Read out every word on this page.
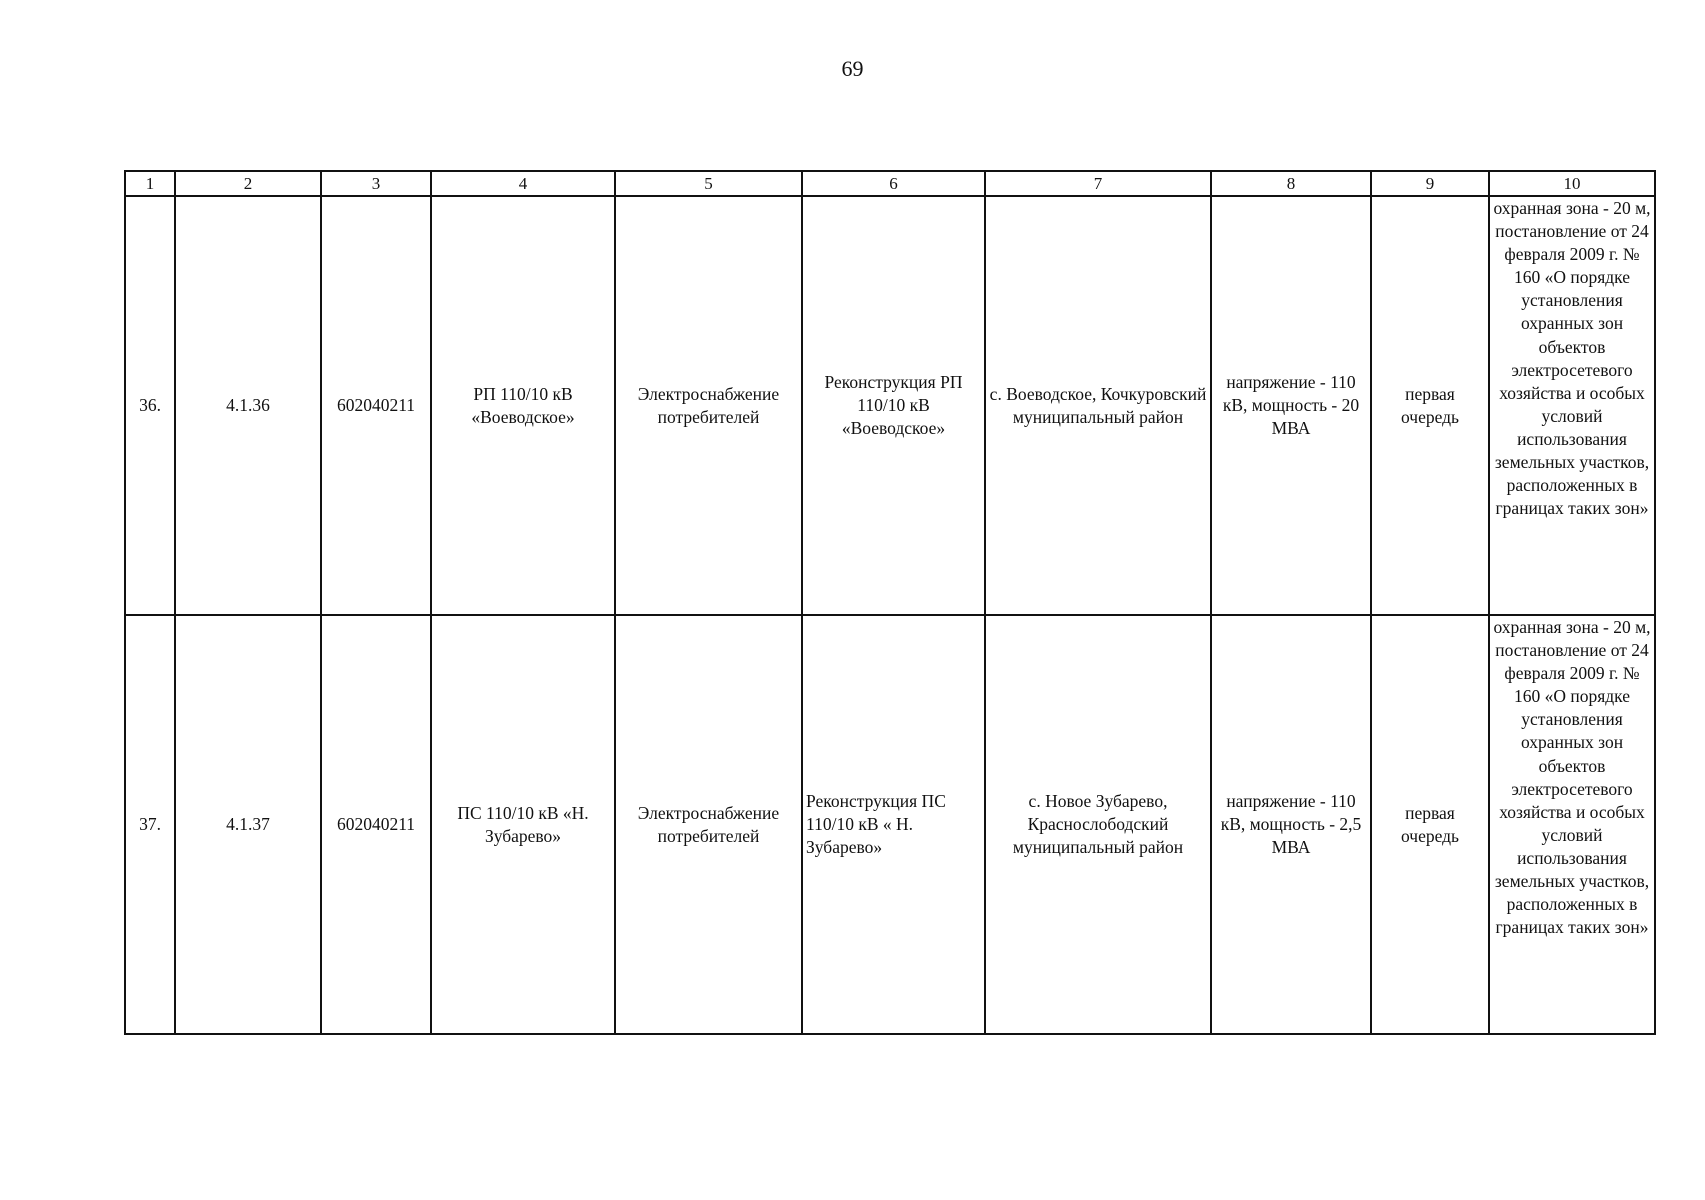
69
1	2	3	4	5	6	7	8	9	10
36.	4.1.36	602040211	РП 110/10 кВ «Воеводское»	Электроснабжение потребителей	Реконструкция РП 110/10 кВ «Воеводское»	с. Воеводское, Кочкуровский муниципальный район	напряжение - 110 кВ, мощность - 20 МВА	первая очередь	охранная зона - 20 м, постановление от 24 февраля 2009 г. № 160 «О порядке установления охранных зон объектов электросетевого хозяйства и особых условий использования земельных участков, расположенных в границах таких зон»
37.	4.1.37	602040211	ПС 110/10 кВ «Н. Зубарево»	Электроснабжение потребителей	Реконструкция ПС 110/10 кВ « Н. Зубарево»	с. Новое Зубарево, Краснослободский муниципальный район	напряжение - 110 кВ, мощность - 2,5 МВА	первая очередь	охранная зона - 20 м, постановление от 24 февраля 2009 г. № 160 «О порядке установления охранных зон объектов электросетевого хозяйства и особых условий использования земельных участков, расположенных в границах таких зон»
